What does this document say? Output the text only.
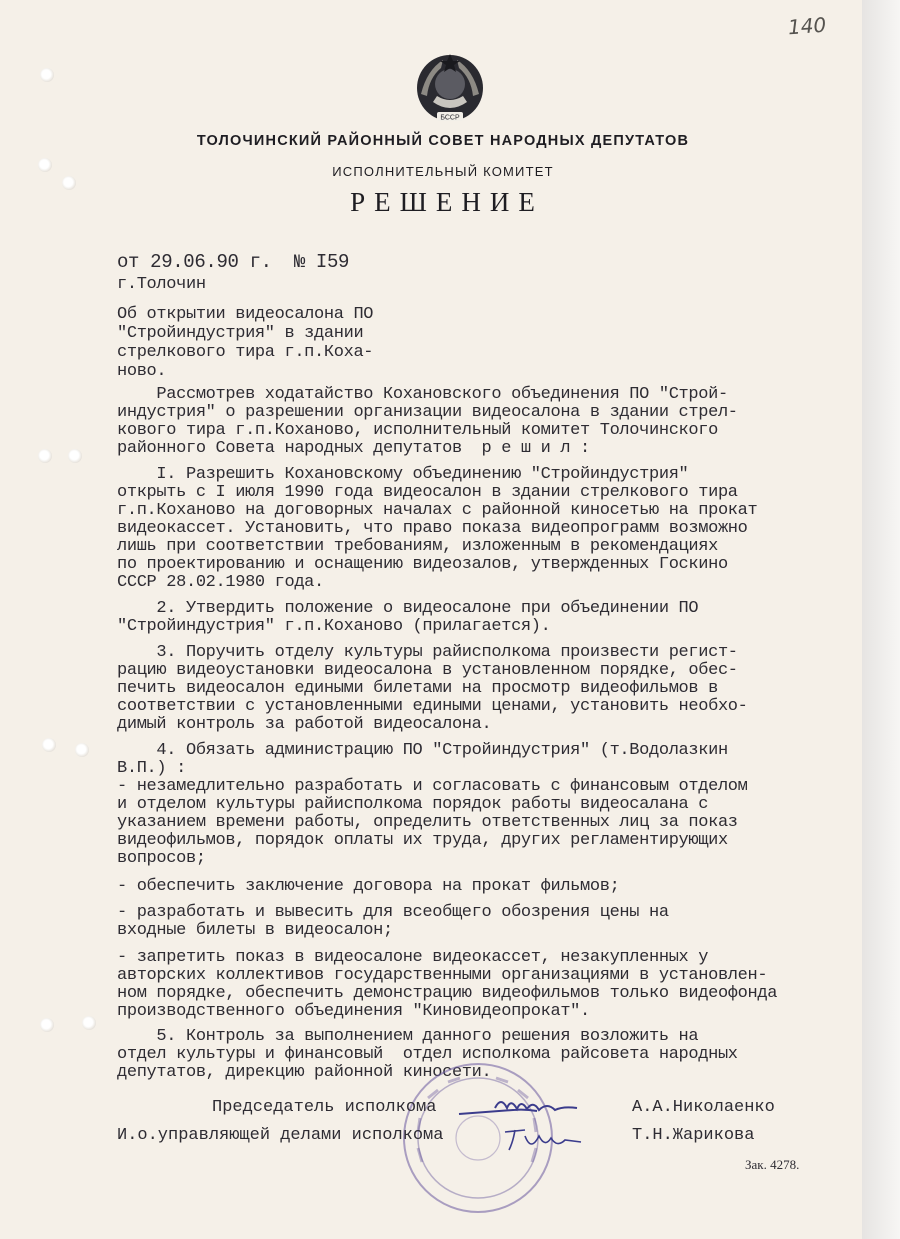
140
БССР
ТОЛОЧИНСКИЙ РАЙОННЫЙ СОВЕТ НАРОДНЫХ ДЕПУТАТОВ
ИСПОЛНИТЕЛЬНЫЙ КОМИТЕТ
РЕШЕНИЕ
от 29.06.90 г.  № I59
г.Толочин
Об открытии видеосалона ПО
"Стройиндустрия" в здании
стрелкового тира г.п.Коха-
ново.
Рассмотрев ходатайство Кохановского объединения ПО "Строй-
индустрия" о разрешении организации видеосалона в здании стрел-
кового тира г.п.Коханово, исполнительный комитет Толочинского
районного Совета народных депутатов  р е ш и л :
I. Разрешить Кохановскому объединению "Стройиндустрия"
открыть с I июля 1990 года видеосалон в здании стрелкового тира
г.п.Коханово на договорных началах с районной киносетью на прокат
видеокассет. Установить, что право показа видеопрограмм возможно
лишь при соответствии требованиям, изложенным в рекомендациях
по проектированию и оснащению видеозалов, утвержденных Госкино
СССР 28.02.1980 года.
2. Утвердить положение о видеосалоне при объединении ПО
"Стройиндустрия" г.п.Коханово (прилагается).
3. Поручить отделу культуры райисполкома произвести регист-
рацию видеоустановки видеосалона в установленном порядке, обес-
печить видеосалон едиными билетами на просмотр видеофильмов в
соответствии с установленными едиными ценами, установить необхо-
димый контроль за работой видеосалона.
4. Обязать администрацию ПО "Стройиндустрия" (т.Водолазкин
В.П.) :
- незамедлительно разработать и согласовать с финансовым отделом
и отделом культуры райисполкома порядок работы видеосалана с
указанием времени работы, определить ответственных лиц за показ
видеофильмов, порядок оплаты их труда, других регламентирующих
вопросов;
- обеспечить заключение договора на прокат фильмов;
- разработать и вывесить для всеобщего обозрения цены на
входные билеты в видеосалон;
- запретить показ в видеосалоне видеокассет, незакупленных у
авторских коллективов государственными организациями в установлен-
ном порядке, обеспечить демонстрацию видеофильмов только видеофонда
производственного объединения "Киновидеопрокат".
5. Контроль за выполнением данного решения возложить на
отдел культуры и финансовый  отдел исполкома райсовета народных
депутатов, дирекцию районной киносети.
Председатель исполкома	А.А.Николаенко
И.о.управляющей делами исполкома	Т.Н.Жарикова
Зак. 4278.
